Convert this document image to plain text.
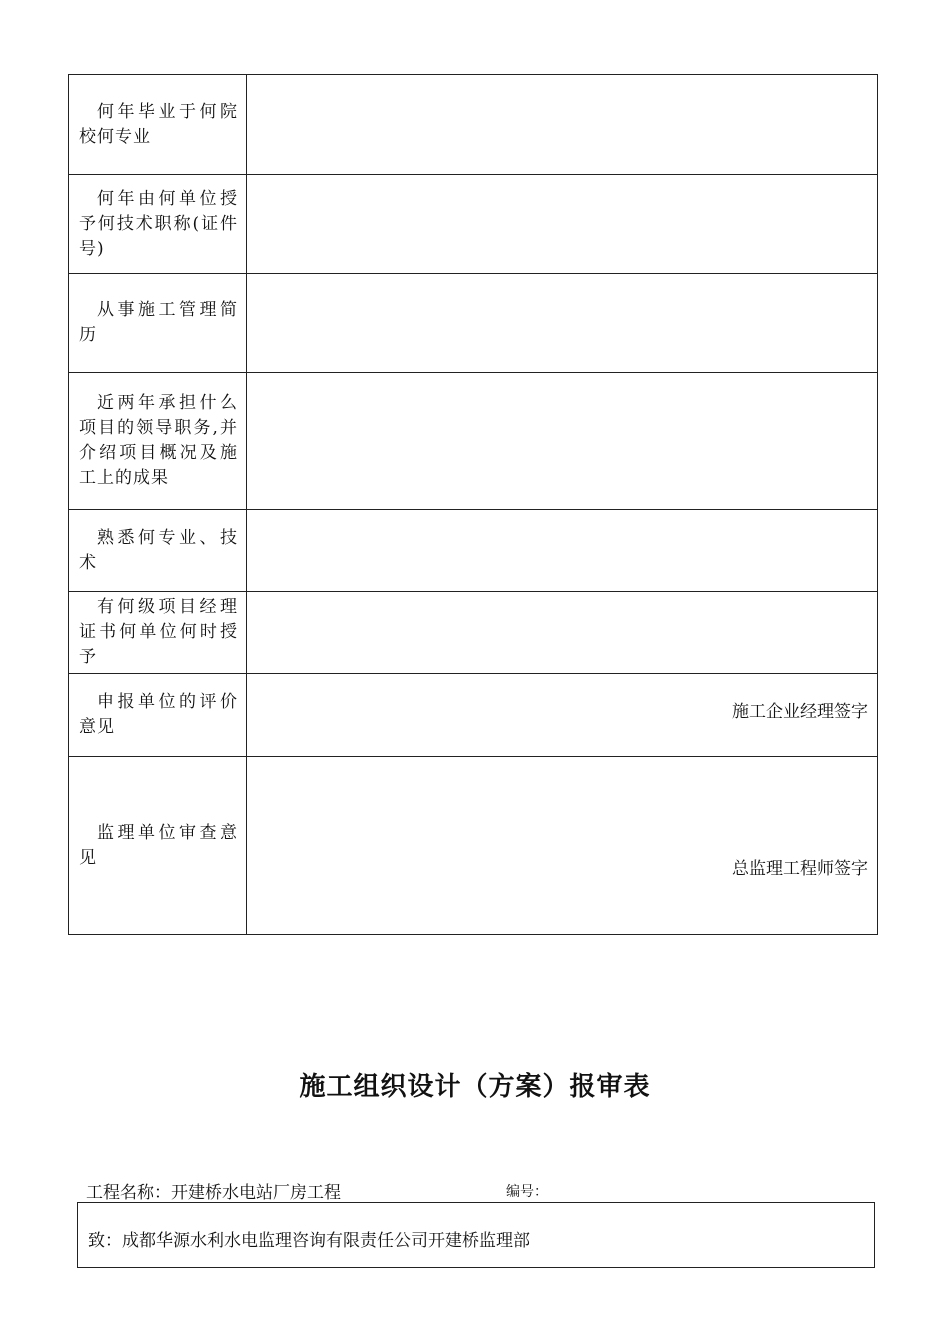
何年毕业于何院校何专业	
何年由何单位授予何技术职称(证件号)	
从事施工管理简历	
近两年承担什么项目的领导职务,并介绍项目概况及施工上的成果	
熟悉何专业、技术	
有何级项目经理证书何单位何时授予	
申报单位的评价意见	施工企业经理签字

监理单位审查意见	总监理工程师签字
施工组织设计（方案）报审表
工程名称：开建桥水电站厂房工程	编号：
致：成都华源水利水电监理咨询有限责任公司开建桥监理部
